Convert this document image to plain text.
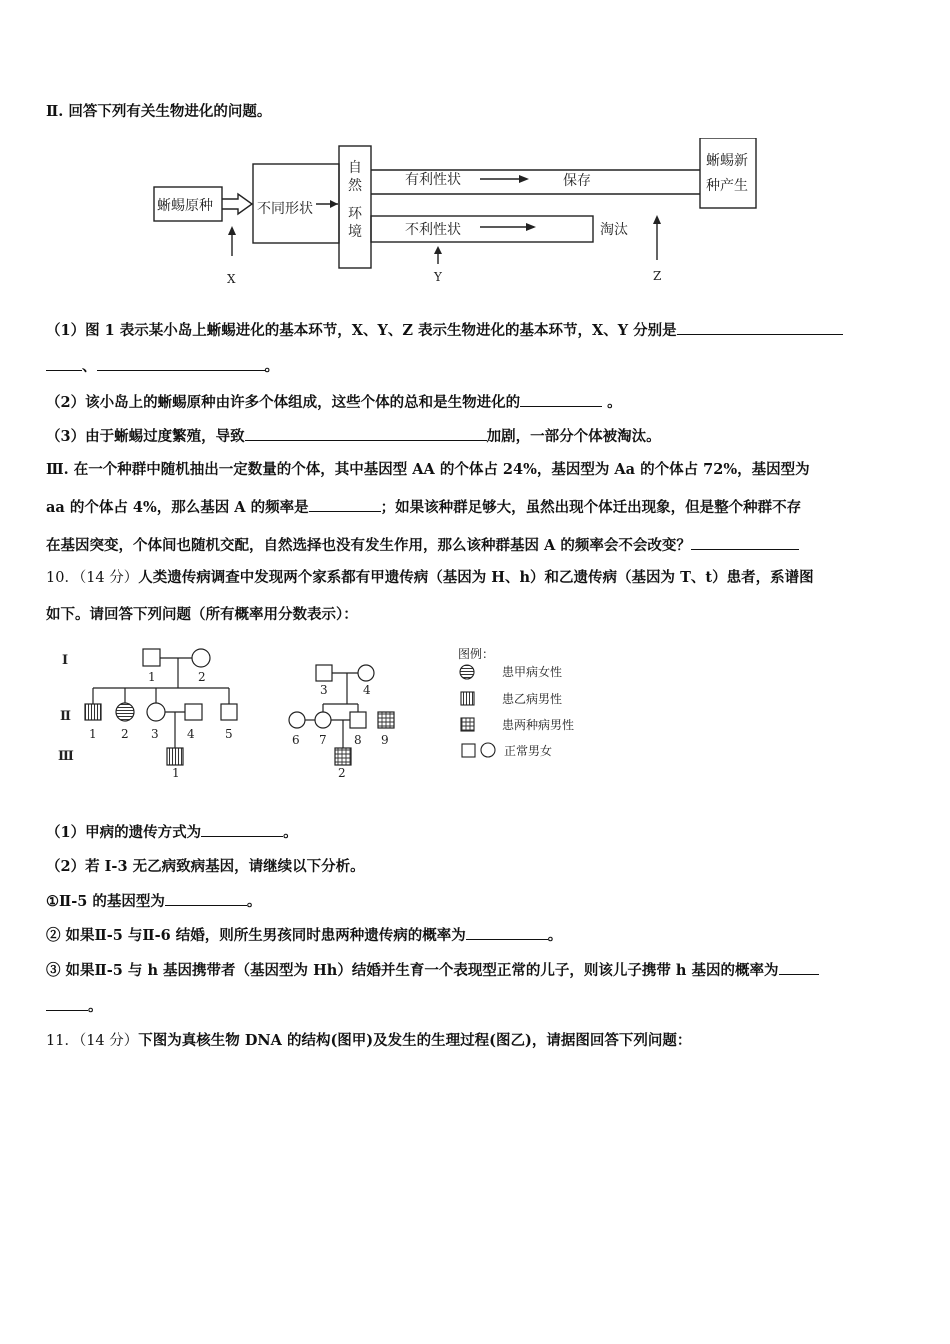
Ⅱ. 回答下列有关生物进化的问题。
蜥蜴原种	不同形状
自
然
环
境
有利性状	保存
不利性状	淘汰
蜥蜴新
种产生
X	Y	Z
（1）图 1 表示某小岛上蜥蜴进化的基本环节，X、Y、Z 表示生物进化的基本环节，X、Y 分别是
、	。
（2）该小岛上的蜥蜴原种由许多个体组成，这些个体的总和是生物进化的	。
（3）由于蜥蜴过度繁殖，导致	加剧，一部分个体被淘汰。
Ⅲ. 在一个种群中随机抽出一定数量的个体，其中基因型 AA 的个体占 24%，基因型为 Aa 的个体占 72%，基因型为
aa 的个体占 4%，那么基因 A 的频率是	；如果该种群足够大，虽然出现个体迁出现象，但是整个种群不存
在基因突变，个体间也随机交配，自然选择也没有发生作用，那么该种群基因 A 的频率会不会改变？
10．（14 分）人类遗传病调查中发现两个家系都有甲遗传病（基因为 H、h）和乙遗传病（基因为 T、t）患者，系谱图
如下。请回答下列问题（所有概率用分数表示）：
Ⅰ
Ⅱ
Ⅲ
1	2
1 2 3 4	5
1
3	4
6 7 8 9
2
图例：
患甲病女性
患乙病男性
患两种病男性
正常男女
（1）甲病的遗传方式为	。
（2）若 I-3 无乙病致病基因，请继续以下分析。
①Ⅱ-5 的基因型为	。
② 如果Ⅱ-5 与Ⅱ-6 结婚，则所生男孩同时患两种遗传病的概率为	。
③ 如果Ⅱ-5 与 h 基因携带者（基因型为 Hh）结婚并生育一个表现型正常的儿子，则该儿子携带 h 基因的概率为
。
11．（14 分）下图为真核生物 DNA 的结构(图甲)及发生的生理过程(图乙)，请据图回答下列问题：
